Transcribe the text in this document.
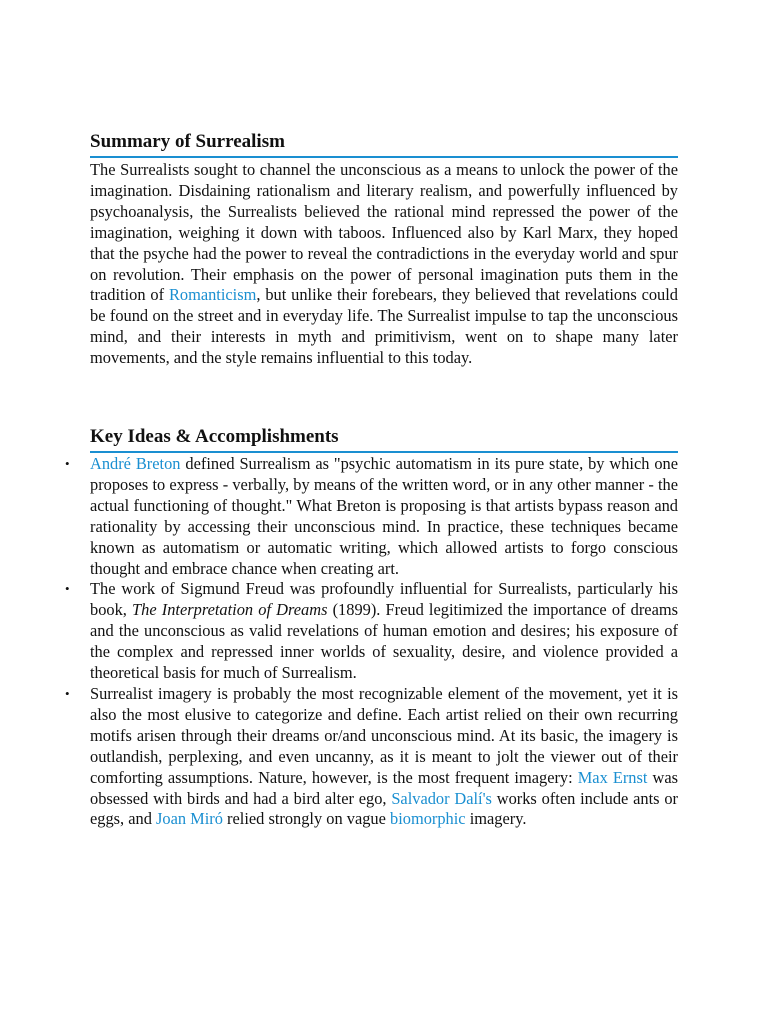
Summary of Surrealism

The Surrealists sought to channel the unconscious as a means to unlock the power of the imagination. Disdaining rationalism and literary realism, and powerfully influenced by psychoanalysis, the Surrealists believed the rational mind repressed the power of the imagination, weighing it down with taboos. Influenced also by Karl Marx, they hoped that the psyche had the power to reveal the contradictions in the everyday world and spur on revolution. Their emphasis on the power of personal imagination puts them in the tradition of Romanticism, but unlike their forebears, they believed that revelations could be found on the street and in everyday life. The Surrealist impulse to tap the unconscious mind, and their interests in myth and primitivism, went on to shape many later movements, and the style remains influential to this today.

Key Ideas & Accomplishments
•	André Breton defined Surrealism as "psychic automatism in its pure state, by which one proposes to express - verbally, by means of the written word, or in any other manner - the actual functioning of thought." What Breton is proposing is that artists bypass reason and rationality by accessing their unconscious mind. In practice, these techniques became known as automatism or automatic writing, which allowed artists to forgo conscious thought and embrace chance when creating art.
•	The work of Sigmund Freud was profoundly influential for Surrealists, particularly his book, The Interpretation of Dreams (1899). Freud legitimized the importance of dreams and the unconscious as valid revelations of human emotion and desires; his exposure of the complex and repressed inner worlds of sexuality, desire, and violence provided a theoretical basis for much of Surrealism.
•	Surrealist imagery is probably the most recognizable element of the movement, yet it is also the most elusive to categorize and define. Each artist relied on their own recurring motifs arisen through their dreams or/and unconscious mind. At its basic, the imagery is outlandish, perplexing, and even uncanny, as it is meant to jolt the viewer out of their comforting assumptions. Nature, however, is the most frequent imagery: Max Ernst was obsessed with birds and had a bird alter ego, Salvador Dalí's works often include ants or eggs, and Joan Miró relied strongly on vague biomorphic imagery.
